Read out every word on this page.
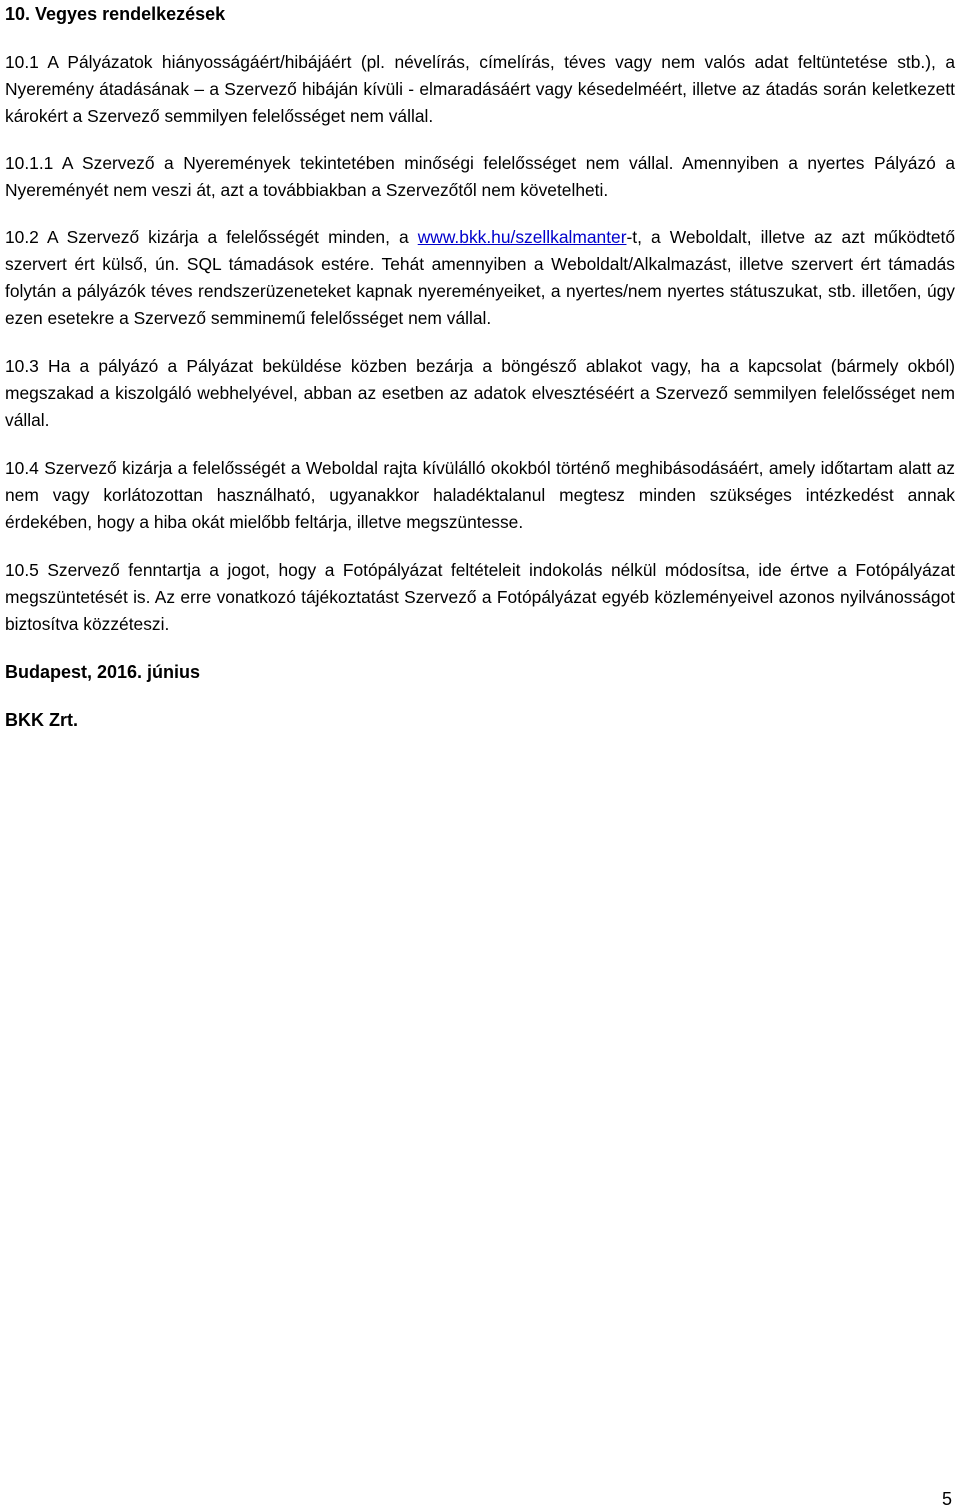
10. Vegyes rendelkezések

10.1 A Pályázatok hiányosságáért/hibájáért (pl. névelírás, címelírás, téves vagy nem valós adat feltüntetése stb.), a Nyeremény átadásának – a Szervező hibáján kívüli - elmaradásáért vagy késedelméért, illetve az átadás során keletkezett károkért a Szervező semmilyen felelősséget nem vállal.

10.1.1 A Szervező a Nyeremények tekintetében minőségi felelősséget nem vállal. Amennyiben a nyertes Pályázó a Nyereményét nem veszi át, azt a továbbiakban a Szervezőtől nem követelheti.

10.2 A Szervező kizárja a felelősségét minden, a www.bkk.hu/szellkalmanter-t, a Weboldalt, illetve az azt működtető szervert ért külső, ún. SQL támadások estére. Tehát amennyiben a Weboldalt/Alkalmazást, illetve szervert ért támadás folytán a pályázók téves rendszerüzeneteket kapnak nyereményeiket, a nyertes/nem nyertes státuszukat, stb. illetően, úgy ezen esetekre a Szervező semminemű felelősséget nem vállal.

10.3 Ha a pályázó a Pályázat beküldése közben bezárja a böngésző ablakot vagy, ha a kapcsolat (bármely okból) megszakad a kiszolgáló webhelyével, abban az esetben az adatok elvesztéséért a Szervező semmilyen felelősséget nem vállal.

10.4 Szervező kizárja a felelősségét a Weboldal rajta kívülálló okokból történő meghibásodásáért, amely időtartam alatt az nem vagy korlátozottan használható, ugyanakkor haladéktalanul megtesz minden szükséges intézkedést annak érdekében, hogy a hiba okát mielőbb feltárja, illetve megszüntesse.

10.5 Szervező fenntartja a jogot, hogy a Fotópályázat feltételeit indokolás nélkül módosítsa, ide értve a Fotópályázat megszüntetését is. Az erre vonatkozó tájékoztatást Szervező a Fotópályázat egyéb közleményeivel azonos nyilvánosságot biztosítva közzéteszi.

Budapest, 2016. június

BKK Zrt.

5
